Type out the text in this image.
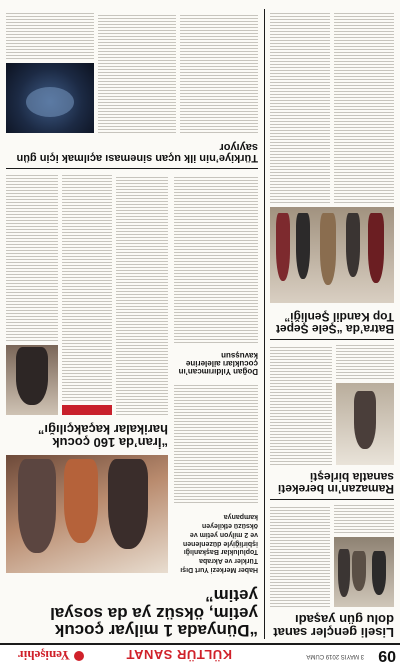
09
3 MAYIS 2019 CUMA
KÜLTÜR SANAT
Yenişehir
Liseli gençler sanat dolu gün yaşadı
Ramazan’ın bereketi sanatla birleşti
Batra’da “Şele Şepet Top Kandil Şenliği”
“Dünyada 1 milyar çocuk yetim, öksüz ya da sosyal yetim”
Haber Merkezi Yurt Dışı Türkler ve Akraba Topluluklar Başkanlığı işbirliğiyle düzenlenen ve 2 milyon yetim ve öksüzü etkileyen kampanya
“İran’da 160 çocuk harikalar kaçakçılığı”
Doğan Yıldırımcan’ın çocukları ailelerine kavuşsun
Türkiye’nin ilk uçan sineması açılmak için gün sayıyor
